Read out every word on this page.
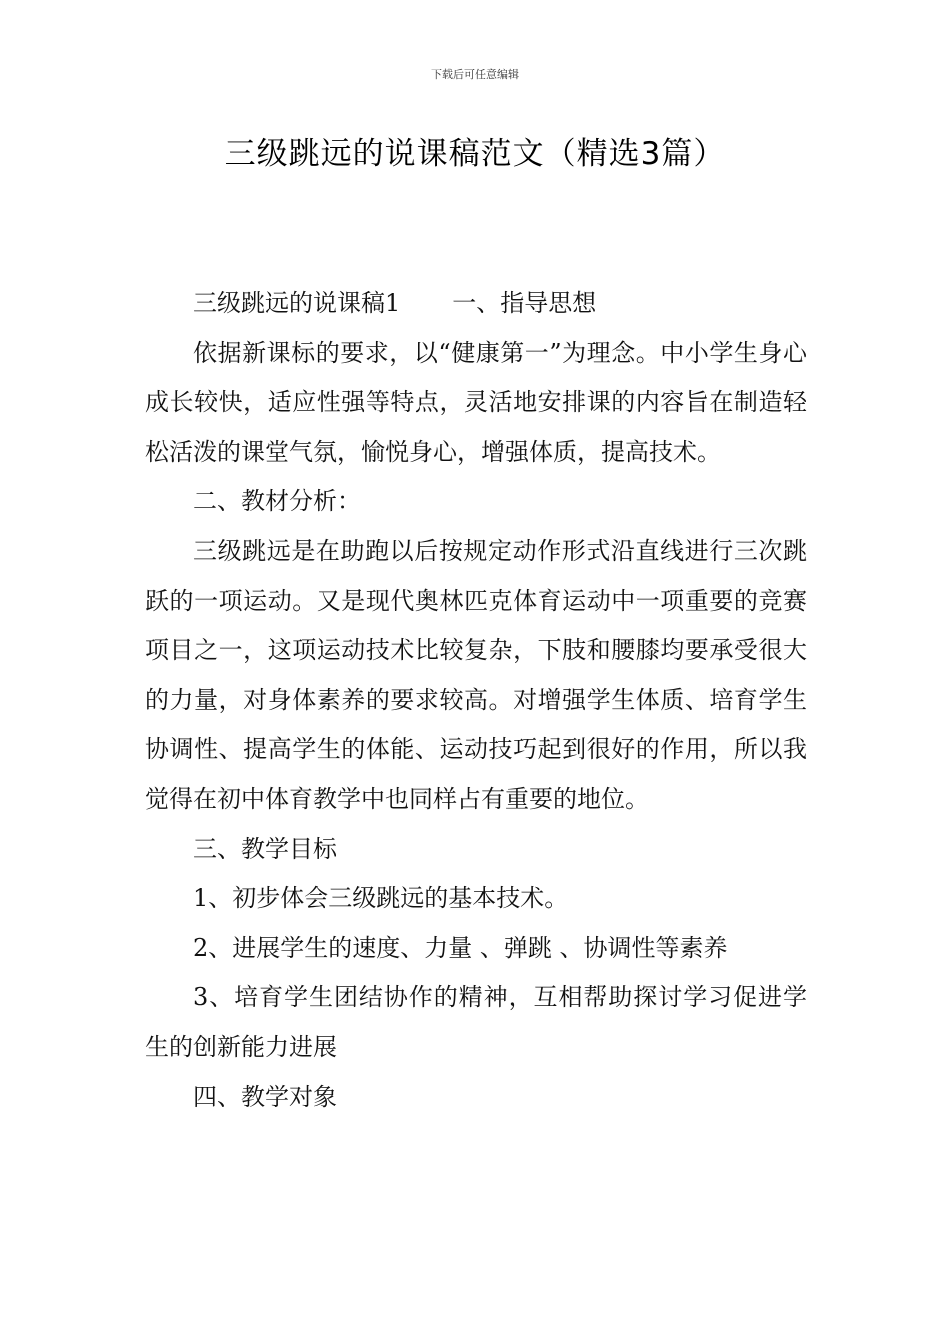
下载后可任意编辑
三级跳远的说课稿范文（精选3篇）

三级跳远的说课稿1 一、指导思想

依据新课标的要求，以“健康第一”为理念。中小学生身心成长较快，适应性强等特点，灵活地安排课的内容旨在制造轻松活泼的课堂气氛，愉悦身心，增强体质，提高技术。

二、教材分析：

三级跳远是在助跑以后按规定动作形式沿直线进行三次跳跃的一项运动。又是现代奥林匹克体育运动中一项重要的竞赛项目之一，这项运动技术比较复杂，下肢和腰膝均要承受很大的力量，对身体素养的要求较高。对增强学生体质、培育学生协调性、提高学生的体能、运动技巧起到很好的作用，所以我觉得在初中体育教学中也同样占有重要的地位。

三、教学目标

1、初步体会三级跳远的基本技术。

2、进展学生的速度、力量 、弹跳 、协调性等素养

3、培育学生团结协作的精神，互相帮助探讨学习促进学生的创新能力进展

四、教学对象
